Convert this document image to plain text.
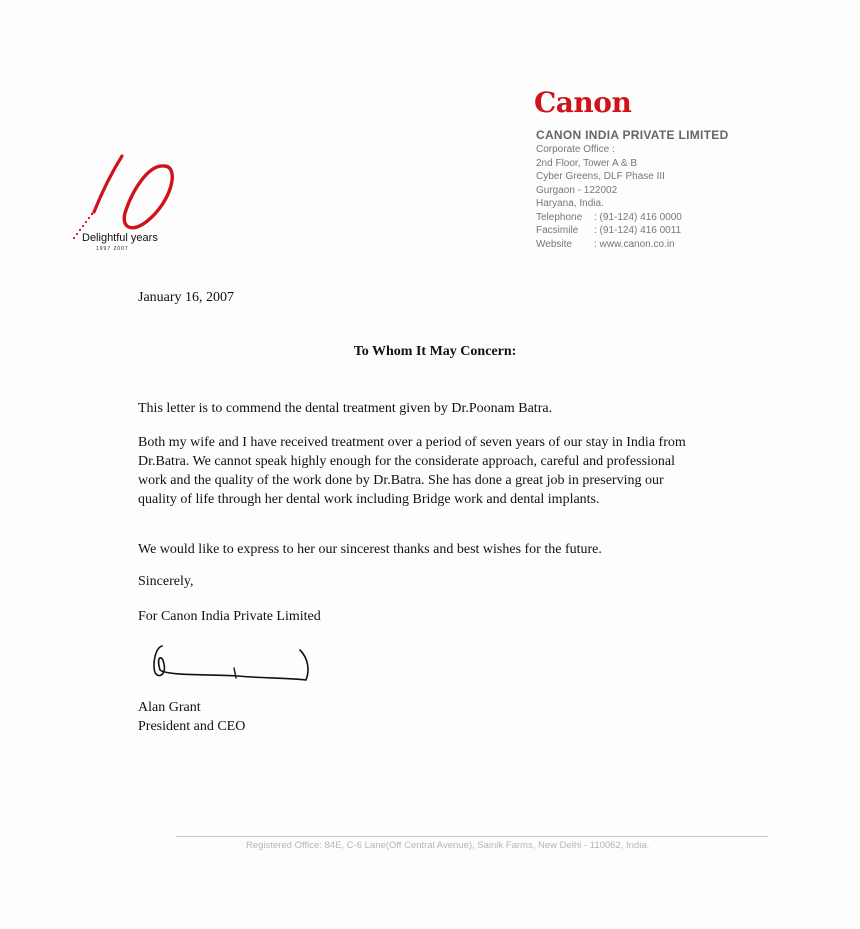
Delightful years
1997 2007
Canon
CANON INDIA PRIVATE LIMITED
Corporate Office :
2nd Floor, Tower A & B
Cyber Greens, DLF Phase III
Gurgaon - 122002
Haryana, India.
Telephone : (91-124) 416 0000
Facsimile : (91-124) 416 0011
Website : www.canon.co.in
January 16, 2007
To Whom It May Concern:
This letter is to commend the dental treatment given by Dr.Poonam Batra.
Both my wife and I have received treatment over a period of seven years of our stay in India from Dr.Batra. We cannot speak highly enough for the considerate approach, careful and professional work and the quality of the work done by Dr.Batra. She has done a great job in preserving our quality of life through her dental work including Bridge work and dental implants.
We would like to express to her our sincerest thanks and best wishes for the future.
Sincerely,
For Canon India Private Limited
Alan Grant
President and CEO
Registered Office: 84E, C-6 Lane(Off Central Avenue), Sainik Farms, New Delhi - 110062, India.
